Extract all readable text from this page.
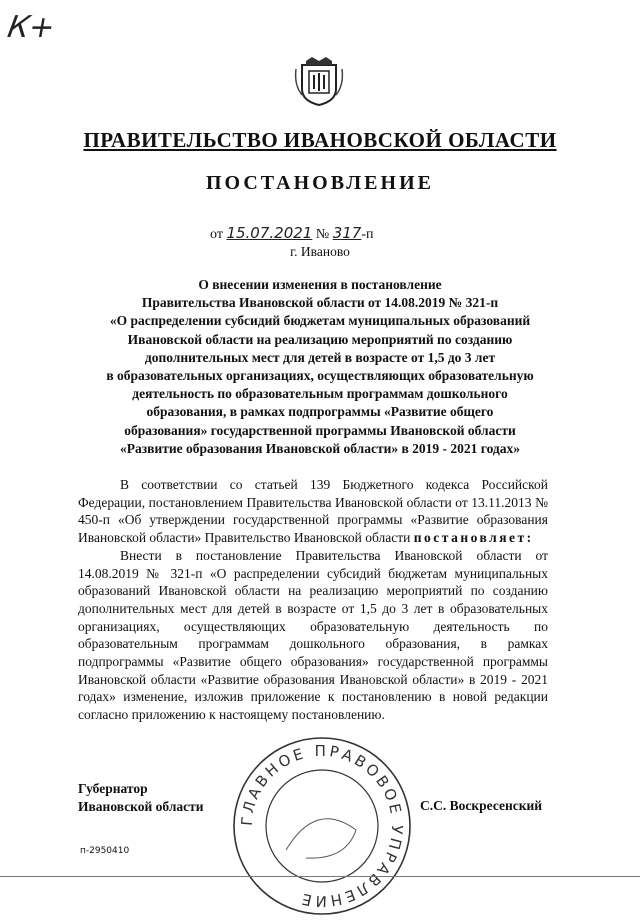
К+
ПРАВИТЕЛЬСТВО ИВАНОВСКОЙ ОБЛАСТИ
ПОСТАНОВЛЕНИЕ
от 15.07.2021 № 317-п
г. Иваново
О внесении изменения в постановление
Правительства Ивановской области от 14.08.2019 № 321-п
«О распределении субсидий бюджетам муниципальных образований
Ивановской области на реализацию мероприятий по созданию
дополнительных мест для детей в возрасте от 1,5 до 3 лет
в образовательных организациях, осуществляющих образовательную
деятельность по образовательным программам дошкольного
образования, в рамках подпрограммы «Развитие общего
образования» государственной программы Ивановской области
«Развитие образования Ивановской области» в 2019 - 2021 годах»

В соответствии со статьей 139 Бюджетного кодекса Российской Федерации, постановлением Правительства Ивановской области от 13.11.2013 № 450-п «Об утверждении государственной программы «Развитие образования Ивановской области» Правительство Ивановской области постановляет:

Внести в постановление Правительства Ивановской области от 14.08.2019 № 321-п «О распределении субсидий бюджетам муниципальных образований Ивановской области на реализацию мероприятий по созданию дополнительных мест для детей в возрасте от 1,5 до 3 лет в образовательных организациях, осуществляющих образовательную деятельность по образовательным программам дошкольного образования, в рамках подпрограммы «Развитие общего образования» государственной программы Ивановской области «Развитие образования Ивановской области» в 2019 - 2021 годах» изменение, изложив приложение к постановлению в новой редакции согласно приложению к настоящему постановлению.

Губернатор
Ивановской области
ГЛАВНОЕ ПРАВОВОЕ УПРАВЛЕНИЕ
С.С. Воскресенский
п-2950410
